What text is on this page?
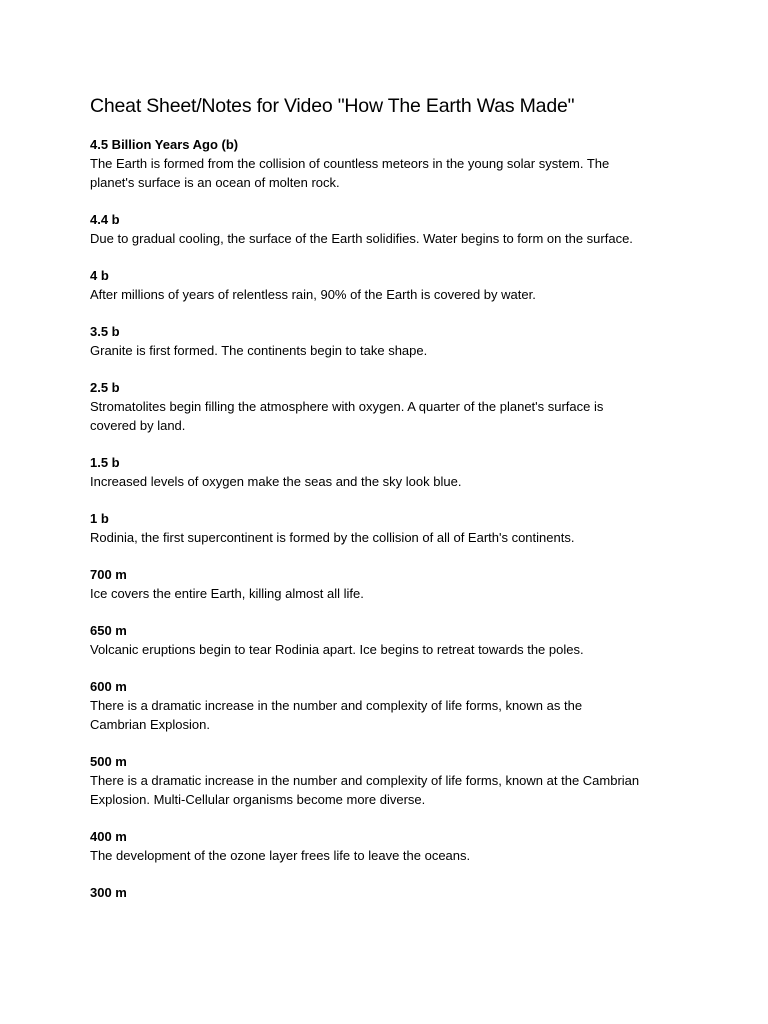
Cheat Sheet/Notes for Video "How The Earth Was Made"

4.5 Billion Years Ago (b)

The Earth is formed from the collision of countless meteors in the young solar system. The
planet's surface is an ocean of molten rock.

4.4 b

Due to gradual cooling, the surface of the Earth solidifies. Water begins to form on the surface.

4 b

After millions of years of relentless rain, 90% of the Earth is covered by water.

3.5 b

Granite is first formed. The continents begin to take shape.

2.5 b

Stromatolites begin filling the atmosphere with oxygen. A quarter of the planet's surface is
covered by land.

1.5 b

Increased levels of oxygen make the seas and the sky look blue.

1 b

Rodinia, the first supercontinent is formed by the collision of all of Earth's continents.

700 m

Ice covers the entire Earth, killing almost all life.

650 m

Volcanic eruptions begin to tear Rodinia apart. Ice begins to retreat towards the poles.

600 m

There is a dramatic increase in the number and complexity of life forms, known as the
Cambrian Explosion.

500 m

There is a dramatic increase in the number and complexity of life forms, known at the Cambrian
Explosion. Multi-Cellular organisms become more diverse.

400 m

The development of the ozone layer frees life to leave the oceans.

300 m
